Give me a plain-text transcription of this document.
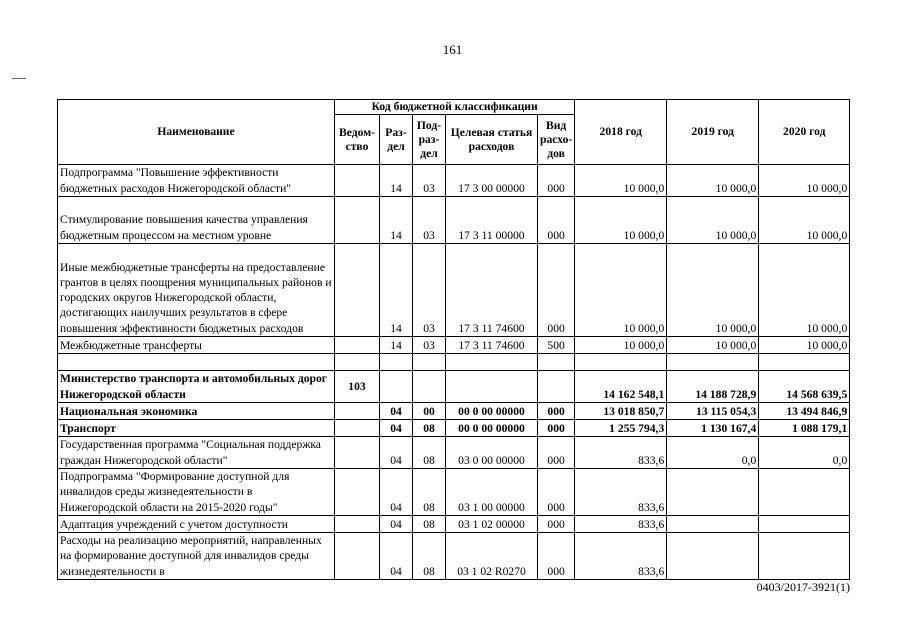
161
Наименование	Код бюджетной классификации					2018 год	2019 год	2020 год
	Ведом-ство	Раз-дел	Под-раз-дел	Целевая статья расходов	Вид расхо-дов			
Подпрограмма "Повышение эффективности бюджетных расходов Нижегородской области"		14	03	17 3 00 00000	000	10 000,0	10 000,0	10 000,0
Стимулирование повышения качества управления бюджетным процессом на местном уровне		14	03	17 3 11 00000	000	10 000,0	10 000,0	10 000,0
Иные межбюджетные трансферты на предоставление грантов в целях поощрения муниципальных районов и городских округов Нижегородской области, достигающих наилучших результатов в сфере повышения эффективности бюджетных расходов		14	03	17 3 11 74600	000	10 000,0	10 000,0	10 000,0
Межбюджетные трансферты		14	03	17 3 11 74600	500	10 000,0	10 000,0	10 000,0

Министерство транспорта и автомобильных дорог Нижегородской области	103					14 162 548,1	14 188 728,9	14 568 639,5
Национальная экономика		04	00	00 0 00 00000	000	13 018 850,7	13 115 054,3	13 494 846,9
Транспорт		04	08	00 0 00 00000	000	1 255 794,3	1 130 167,4	1 088 179,1
Государственная программа "Социальная поддержка граждан Нижегородской области"		04	08	03 0 00 00000	000	833,6	0,0	0,0
Подпрограмма "Формирование доступной для инвалидов среды жизнедеятельности в Нижегородской области на 2015-2020 годы"		04	08	03 1 00 00000	000	833,6		
Адаптация учреждений с учетом доступности		04	08	03 1 02 00000	000	833,6		
Расходы на реализацию мероприятий, направленных на формирование доступной для инвалидов среды жизнедеятельности в		04	08	03 1 02 R0270	000	833,6		
0403/2017-3921(1)
